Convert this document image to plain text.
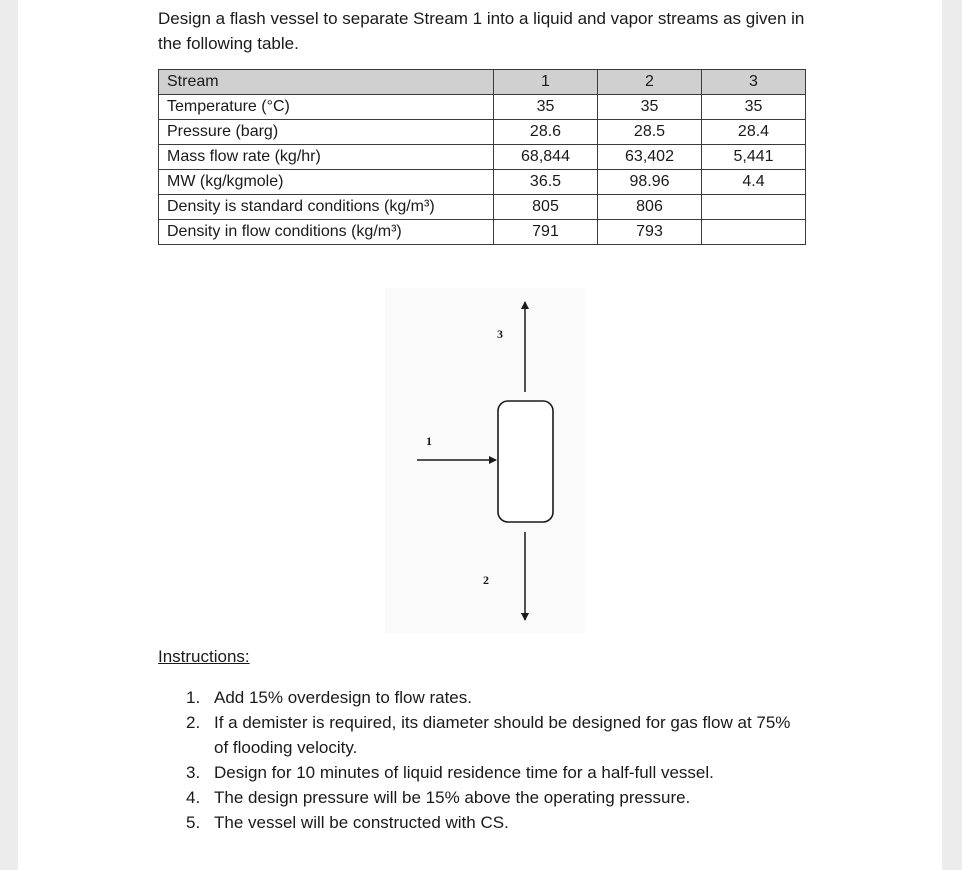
Design a flash vessel to separate Stream 1 into a liquid and vapor streams as given in the following table.

Stream	1	2	3
Temperature (°C)	35	35	35
Pressure (barg)	28.6	28.5	28.4
Mass flow rate (kg/hr)	68,844	63,402	5,441
MW (kg/kgmole)	36.5	98.96	4.4
Density is standard conditions (kg/m³)	805	806	
Density in flow conditions (kg/m³)	791	793	
3
1
2

Instructions:

1. Add 15% overdesign to flow rates.
2. If a demister is required, its diameter should be designed for gas flow at 75% of flooding velocity.
3. Design for 10 minutes of liquid residence time for a half-full vessel.
4. The design pressure will be 15% above the operating pressure.
5. The vessel will be constructed with CS.
